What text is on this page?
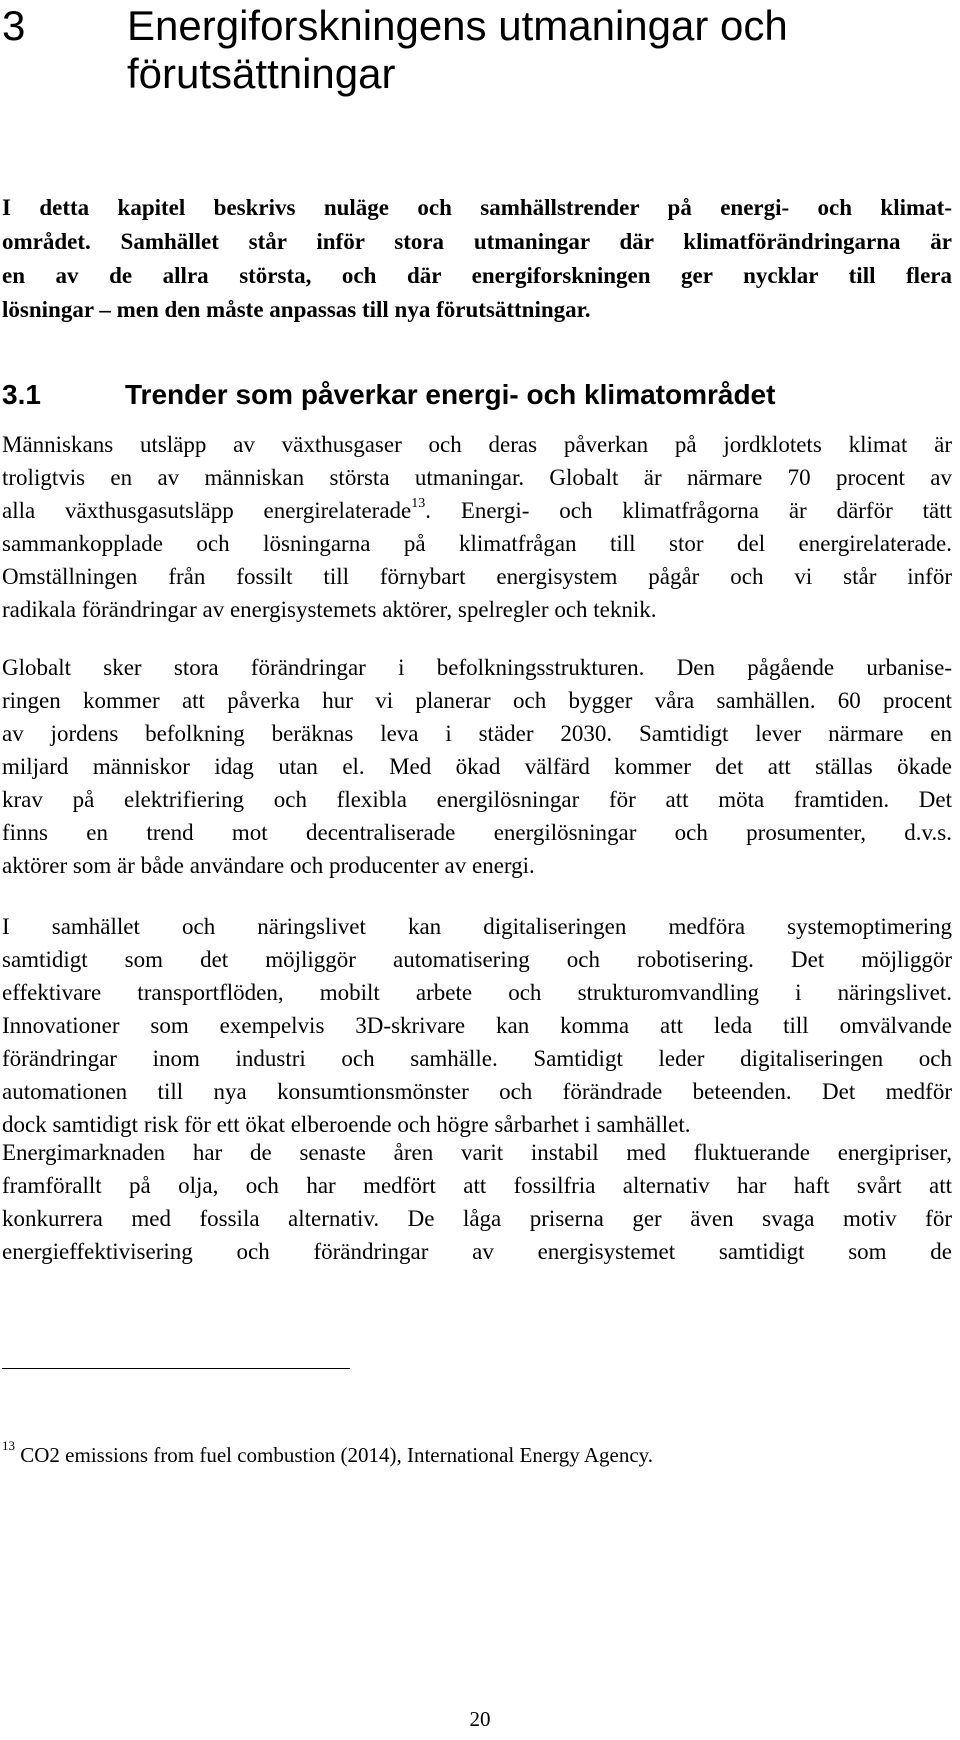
3 Energiforskningens utmaningar och
förutsättningar

I detta kapitel beskrivs nuläge och samhällstrender på energi- och klimat-
området. Samhället står inför stora utmaningar där klimatförändringarna är
en av de allra största, och där energiforskningen ger nycklar till flera
lösningar – men den måste anpassas till nya förutsättningar.

3.1	Trender som påverkar energi- och klimatområdet

Människans utsläpp av växthusgaser och deras påverkan på jordklotets klimat är
troligtvis en av människan största utmaningar. Globalt är närmare 70 procent av
alla växthusgasutsläpp energirelaterade$^{13}$. Energi- och klimatfrågorna är därför tätt
sammankopplade och lösningarna på klimatfrågan till stor del energirelaterade.
Omställningen från fossilt till förnybart energisystem pågår och vi står inför
radikala förändringar av energisystemets aktörer, spelregler och teknik.

Globalt sker stora förändringar i befolkningsstrukturen. Den pågående urbanise-
ringen kommer att påverka hur vi planerar och bygger våra samhällen. 60 procent
av jordens befolkning beräknas leva i städer 2030. Samtidigt lever närmare en
miljard människor idag utan el. Med ökad välfärd kommer det att ställas ökade
krav på elektrifiering och flexibla energilösningar för att möta framtiden. Det
finns en trend mot decentraliserade energilösningar och prosumenter, d.v.s.
aktörer som är både användare och producenter av energi.

I samhället och näringslivet kan digitaliseringen medföra systemoptimering
samtidigt som det möjliggör automatisering och robotisering. Det möjliggör
effektivare transportflöden, mobilt arbete och strukturomvandling i näringslivet.
Innovationer som exempelvis 3D-skrivare kan komma att leda till omvälvande
förändringar inom industri och samhälle. Samtidigt leder digitaliseringen och
automationen till nya konsumtionsmönster och förändrade beteenden. Det medför
dock samtidigt risk för ett ökat elberoende och högre sårbarhet i samhället.

Energimarknaden har de senaste åren varit instabil med fluktuerande energipriser,
framförallt på olja, och har medfört att fossilfria alternativ har haft svårt att
konkurrera med fossila alternativ. De låga priserna ger även svaga motiv för
energieffektivisering och förändringar av energisystemet samtidigt som de

$^{13}$ CO2 emissions from fuel combustion (2014), International Energy Agency.

20
